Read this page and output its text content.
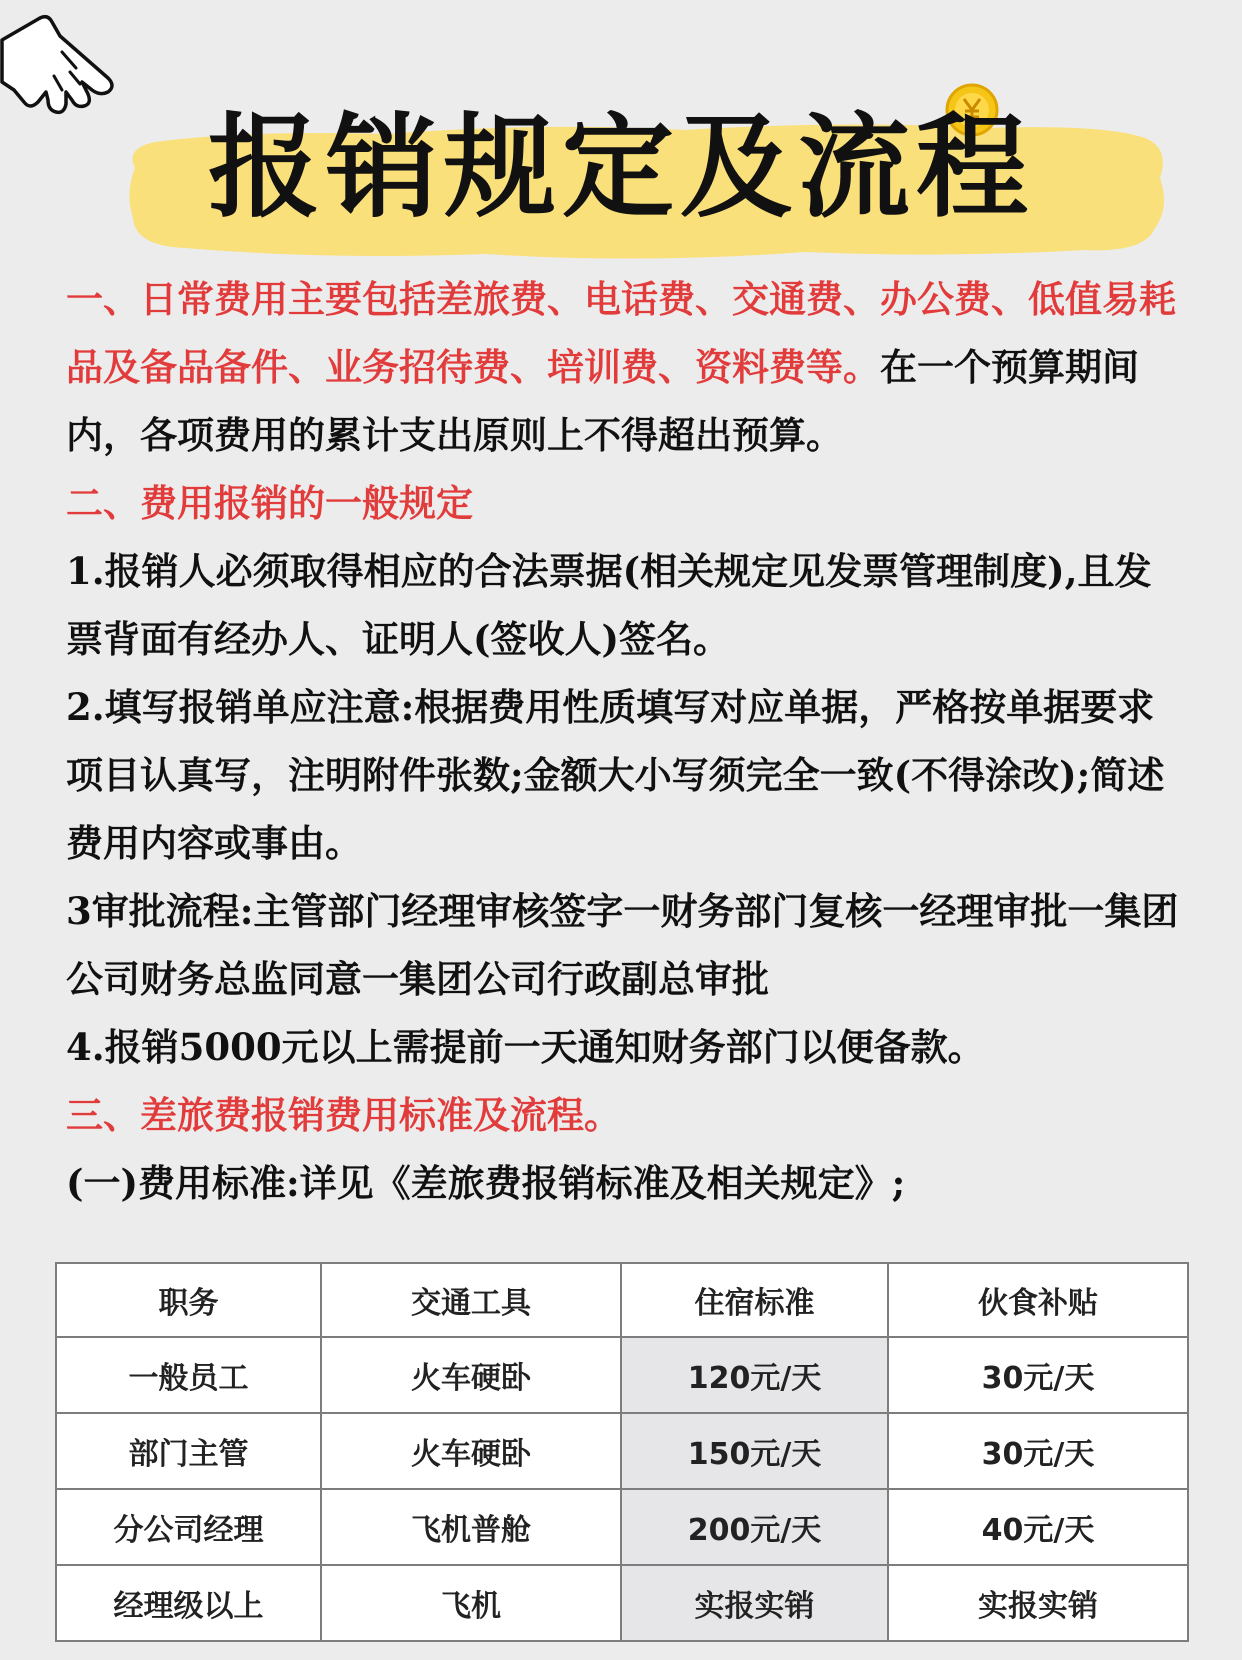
报销规定及流程

一、日常费用主要包括差旅费、电话费、交通费、办公费、低值易耗品及备品备件、业务招待费、培训费、资料费等。在一个预算期间内，各项费用的累计支出原则上不得超出预算。

二、费用报销的一般规定

1.报销人必须取得相应的合法票据(相关规定见发票管理制度),且发票背面有经办人、证明人(签收人)签名。

2.填写报销单应注意:根据费用性质填写对应单据，严格按单据要求项目认真写，注明附件张数;金额大小写须完全一致(不得涂改);简述费用内容或事由。

3审批流程:主管部门经理审核签字一财务部门复核一经理审批一集团公司财务总监同意一集团公司行政副总审批

4.报销5000元以上需提前一天通知财务部门以便备款。

三、差旅费报销费用标准及流程。

(一)费用标准:详见《差旅费报销标准及相关规定》;

职务	交通工具	住宿标准	伙食补贴
一般员工	火车硬卧	120元/天	30元/天
部门主管	火车硬卧	150元/天	30元/天
分公司经理	飞机普舱	200元/天	40元/天
经理级以上	飞机	实报实销	实报实销
